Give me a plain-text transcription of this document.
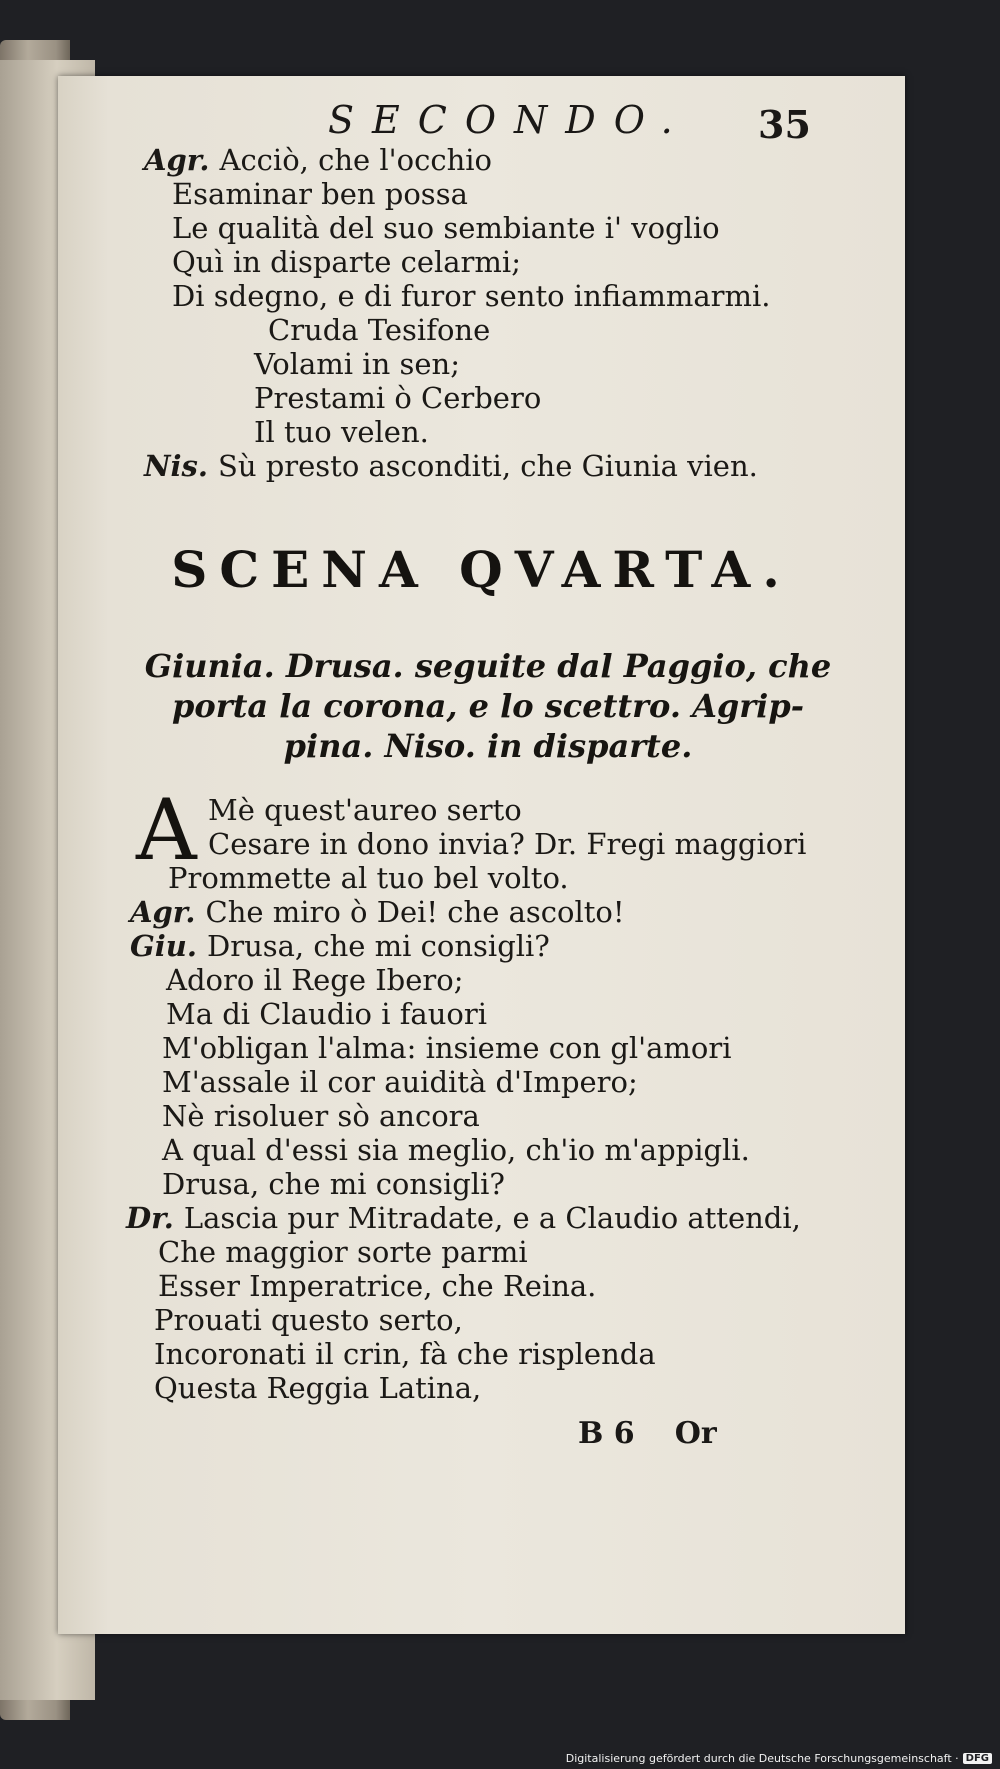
SECONDO. 35
Agr. Acciò, che l'occhio
Esaminar ben possa
Le qualità del suo sembiante i' voglio
Quì in disparte celarmi;
Di sdegno, e di furor sento infiammarmi.
Cruda Tesifone
Volami in sen;
Prestami ò Cerbero
Il tuo velen.
Nis. Sù presto asconditi, che Giunia vien.
SCENA QVARTA.
Giunia. Drusa. seguite dal Paggio, che
porta la corona, e lo scettro. Agrip-
pina. Niso. in disparte.
A Mè quest'aureo serto
Cesare in dono invia? Dr. Fregi maggiori
Prommette al tuo bel volto.
Agr. Che miro ò Dei! che ascolto!
Giu. Drusa, che mi consigli?
Adoro il Rege Ibero;
Ma di Claudio i fauori
M'obligan l'alma: insieme con gl'amori
M'assale il cor auidità d'Impero;
Nè risoluer sò ancora
A qual d'essi sia meglio, ch'io m'appigli.
Drusa, che mi consigli?
Dr. Lascia pur Mitradate, e a Claudio attendi,
Che maggior sorte parmi
Esser Imperatrice, che Reina.
Prouati questo serto,
Incoronati il crin, fà che risplenda
Questa Reggia Latina,
B 6 Or
Digitalisierung gefördert durch die Deutsche Forschungsgemeinschaft · DFG
